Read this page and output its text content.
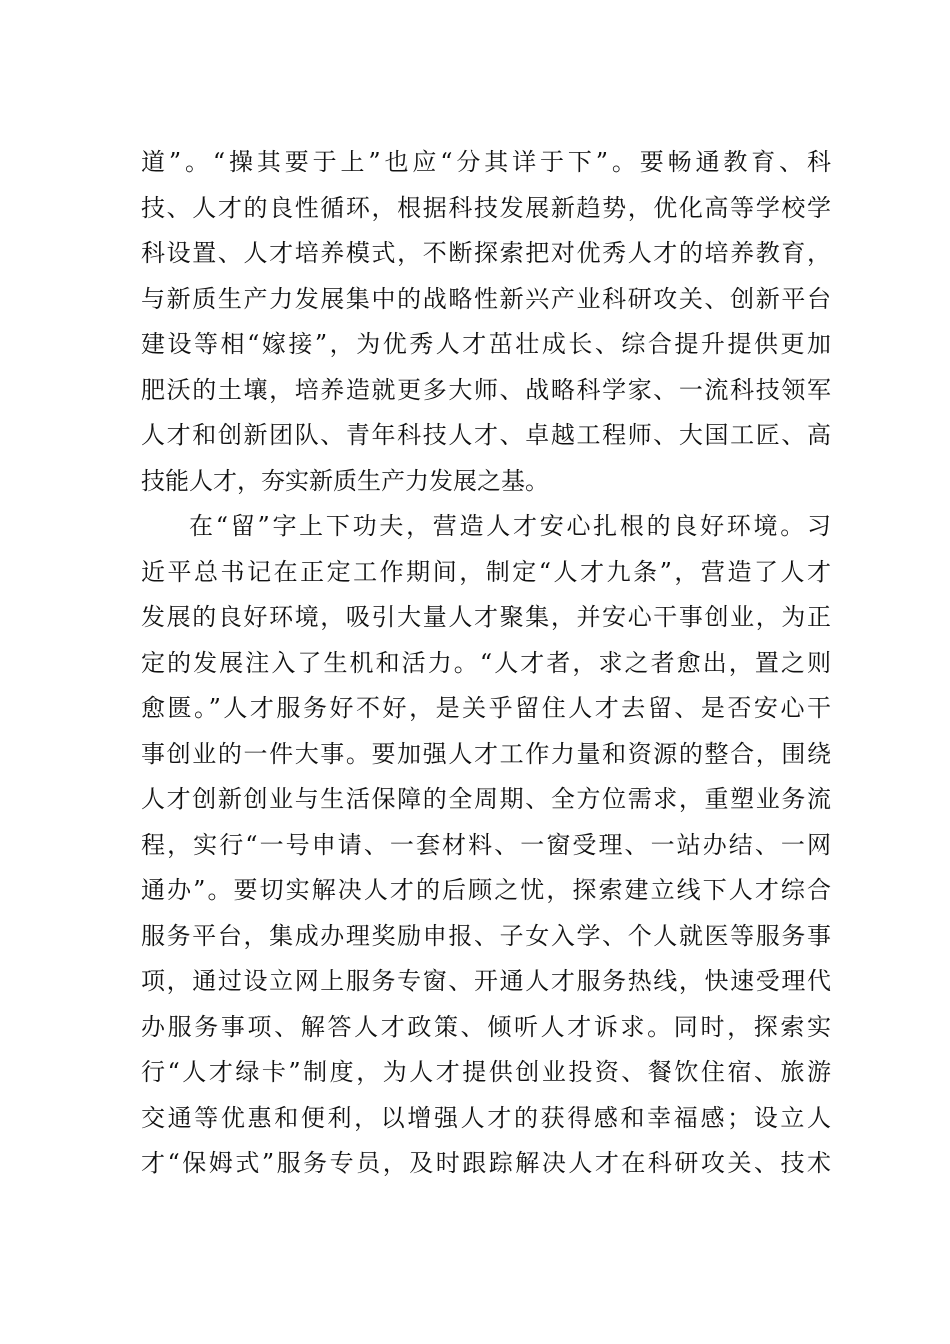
道”。“操其要于上”也应“分其详于下”。要畅通教育、科
技、人才的良性循环，根据科技发展新趋势，优化高等学校学
科设置、人才培养模式，不断探索把对优秀人才的培养教育，
与新质生产力发展集中的战略性新兴产业科研攻关、创新平台
建设等相“嫁接”，为优秀人才茁壮成长、综合提升提供更加
肥沃的土壤，培养造就更多大师、战略科学家、一流科技领军
人才和创新团队、青年科技人才、卓越工程师、大国工匠、高
技能人才，夯实新质生产力发展之基。
在“留”字上下功夫，营造人才安心扎根的良好环境。习
近平总书记在正定工作期间，制定“人才九条”，营造了人才
发展的良好环境，吸引大量人才聚集，并安心干事创业，为正
定的发展注入了生机和活力。“人才者，求之者愈出，置之则
愈匮。”人才服务好不好，是关乎留住人才去留、是否安心干
事创业的一件大事。要加强人才工作力量和资源的整合，围绕
人才创新创业与生活保障的全周期、全方位需求，重塑业务流
程，实行“一号申请、一套材料、一窗受理、一站办结、一网
通办”。要切实解决人才的后顾之忧，探索建立线下人才综合
服务平台，集成办理奖励申报、子女入学、个人就医等服务事
项，通过设立网上服务专窗、开通人才服务热线，快速受理代
办服务事项、解答人才政策、倾听人才诉求。同时，探索实
行“人才绿卡”制度，为人才提供创业投资、餐饮住宿、旅游
交通等优惠和便利，以增强人才的获得感和幸福感；设立人
才“保姆式”服务专员，及时跟踪解决人才在科研攻关、技术
